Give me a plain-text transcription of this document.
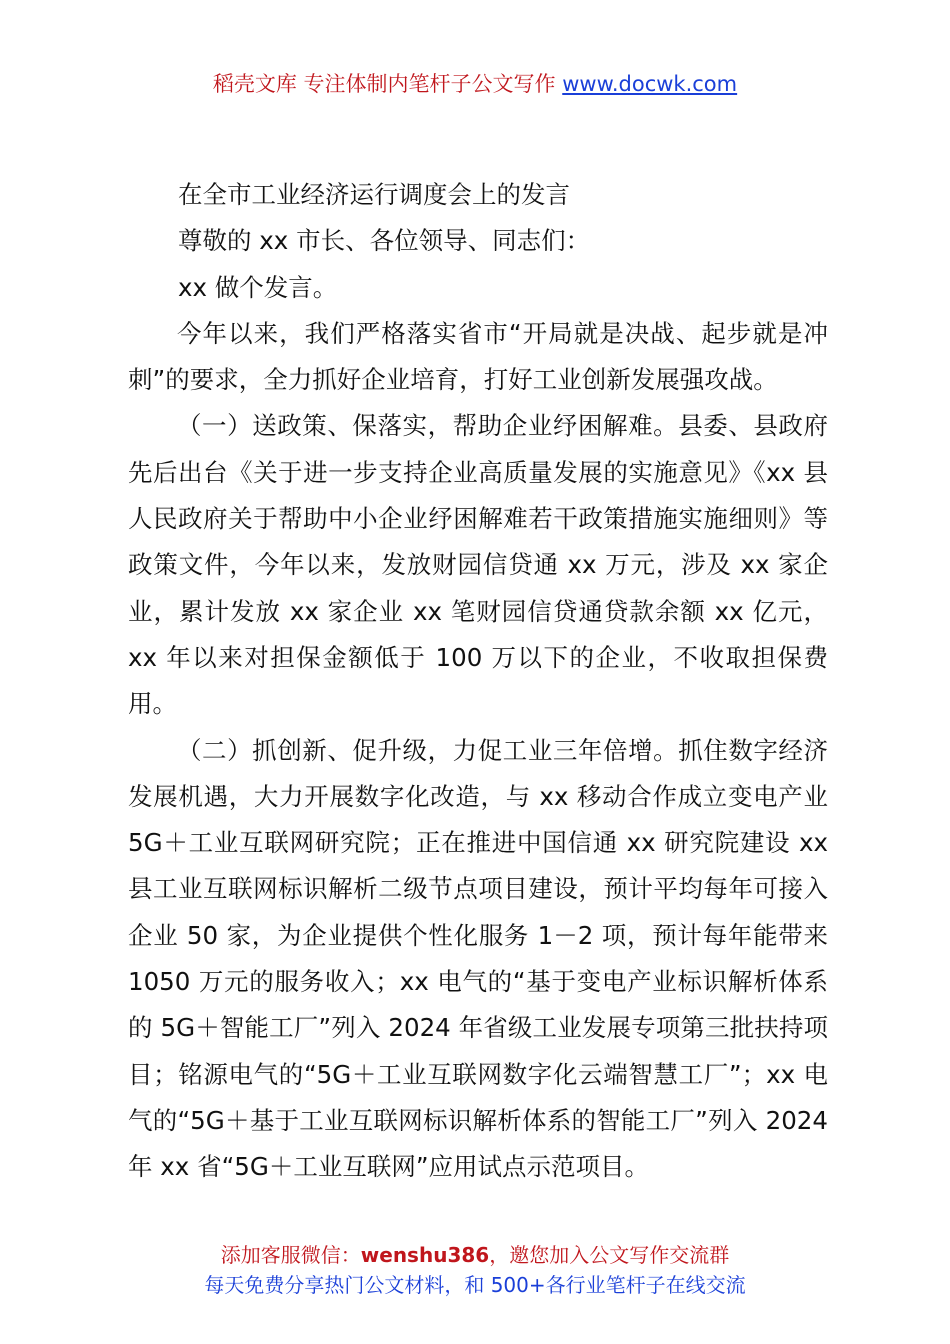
稻壳文库 专注体制内笔杆子公文写作 www.docwk.com

在全市工业经济运行调度会上的发言

尊敬的 xx 市长、各位领导、同志们：

xx 做个发言。

今年以来，我们严格落实省市“开局就是决战、起步就是冲刺”的要求，全力抓好企业培育，打好工业创新发展强攻战。

（一）送政策、保落实，帮助企业纾困解难。县委、县政府先后出台《关于进一步支持企业高质量发展的实施意见》《xx 县人民政府关于帮助中小企业纾困解难若干政策措施实施细则》等政策文件，今年以来，发放财园信贷通 xx 万元，涉及 xx 家企业，累计发放 xx 家企业 xx 笔财园信贷通贷款余额 xx 亿元，xx 年以来对担保金额低于 100 万以下的企业，不收取担保费用。

（二）抓创新、促升级，力促工业三年倍增。抓住数字经济发展机遇，大力开展数字化改造，与 xx 移动合作成立变电产业 5G＋工业互联网研究院；正在推进中国信通 xx 研究院建设 xx 县工业互联网标识解析二级节点项目建设，预计平均每年可接入企业 50 家，为企业提供个性化服务 1－2 项，预计每年能带来 1050 万元的服务收入；xx 电气的“基于变电产业标识解析体系的 5G＋智能工厂”列入 2024 年省级工业发展专项第三批扶持项目；铭源电气的“5G＋工业互联网数字化云端智慧工厂”；xx 电气的“5G＋基于工业互联网标识解析体系的智能工厂”列入 2024 年 xx 省“5G＋工业互联网”应用试点示范项目。

添加客服微信：wenshu386，邀您加入公文写作交流群
每天免费分享热门公文材料，和 500+各行业笔杆子在线交流
